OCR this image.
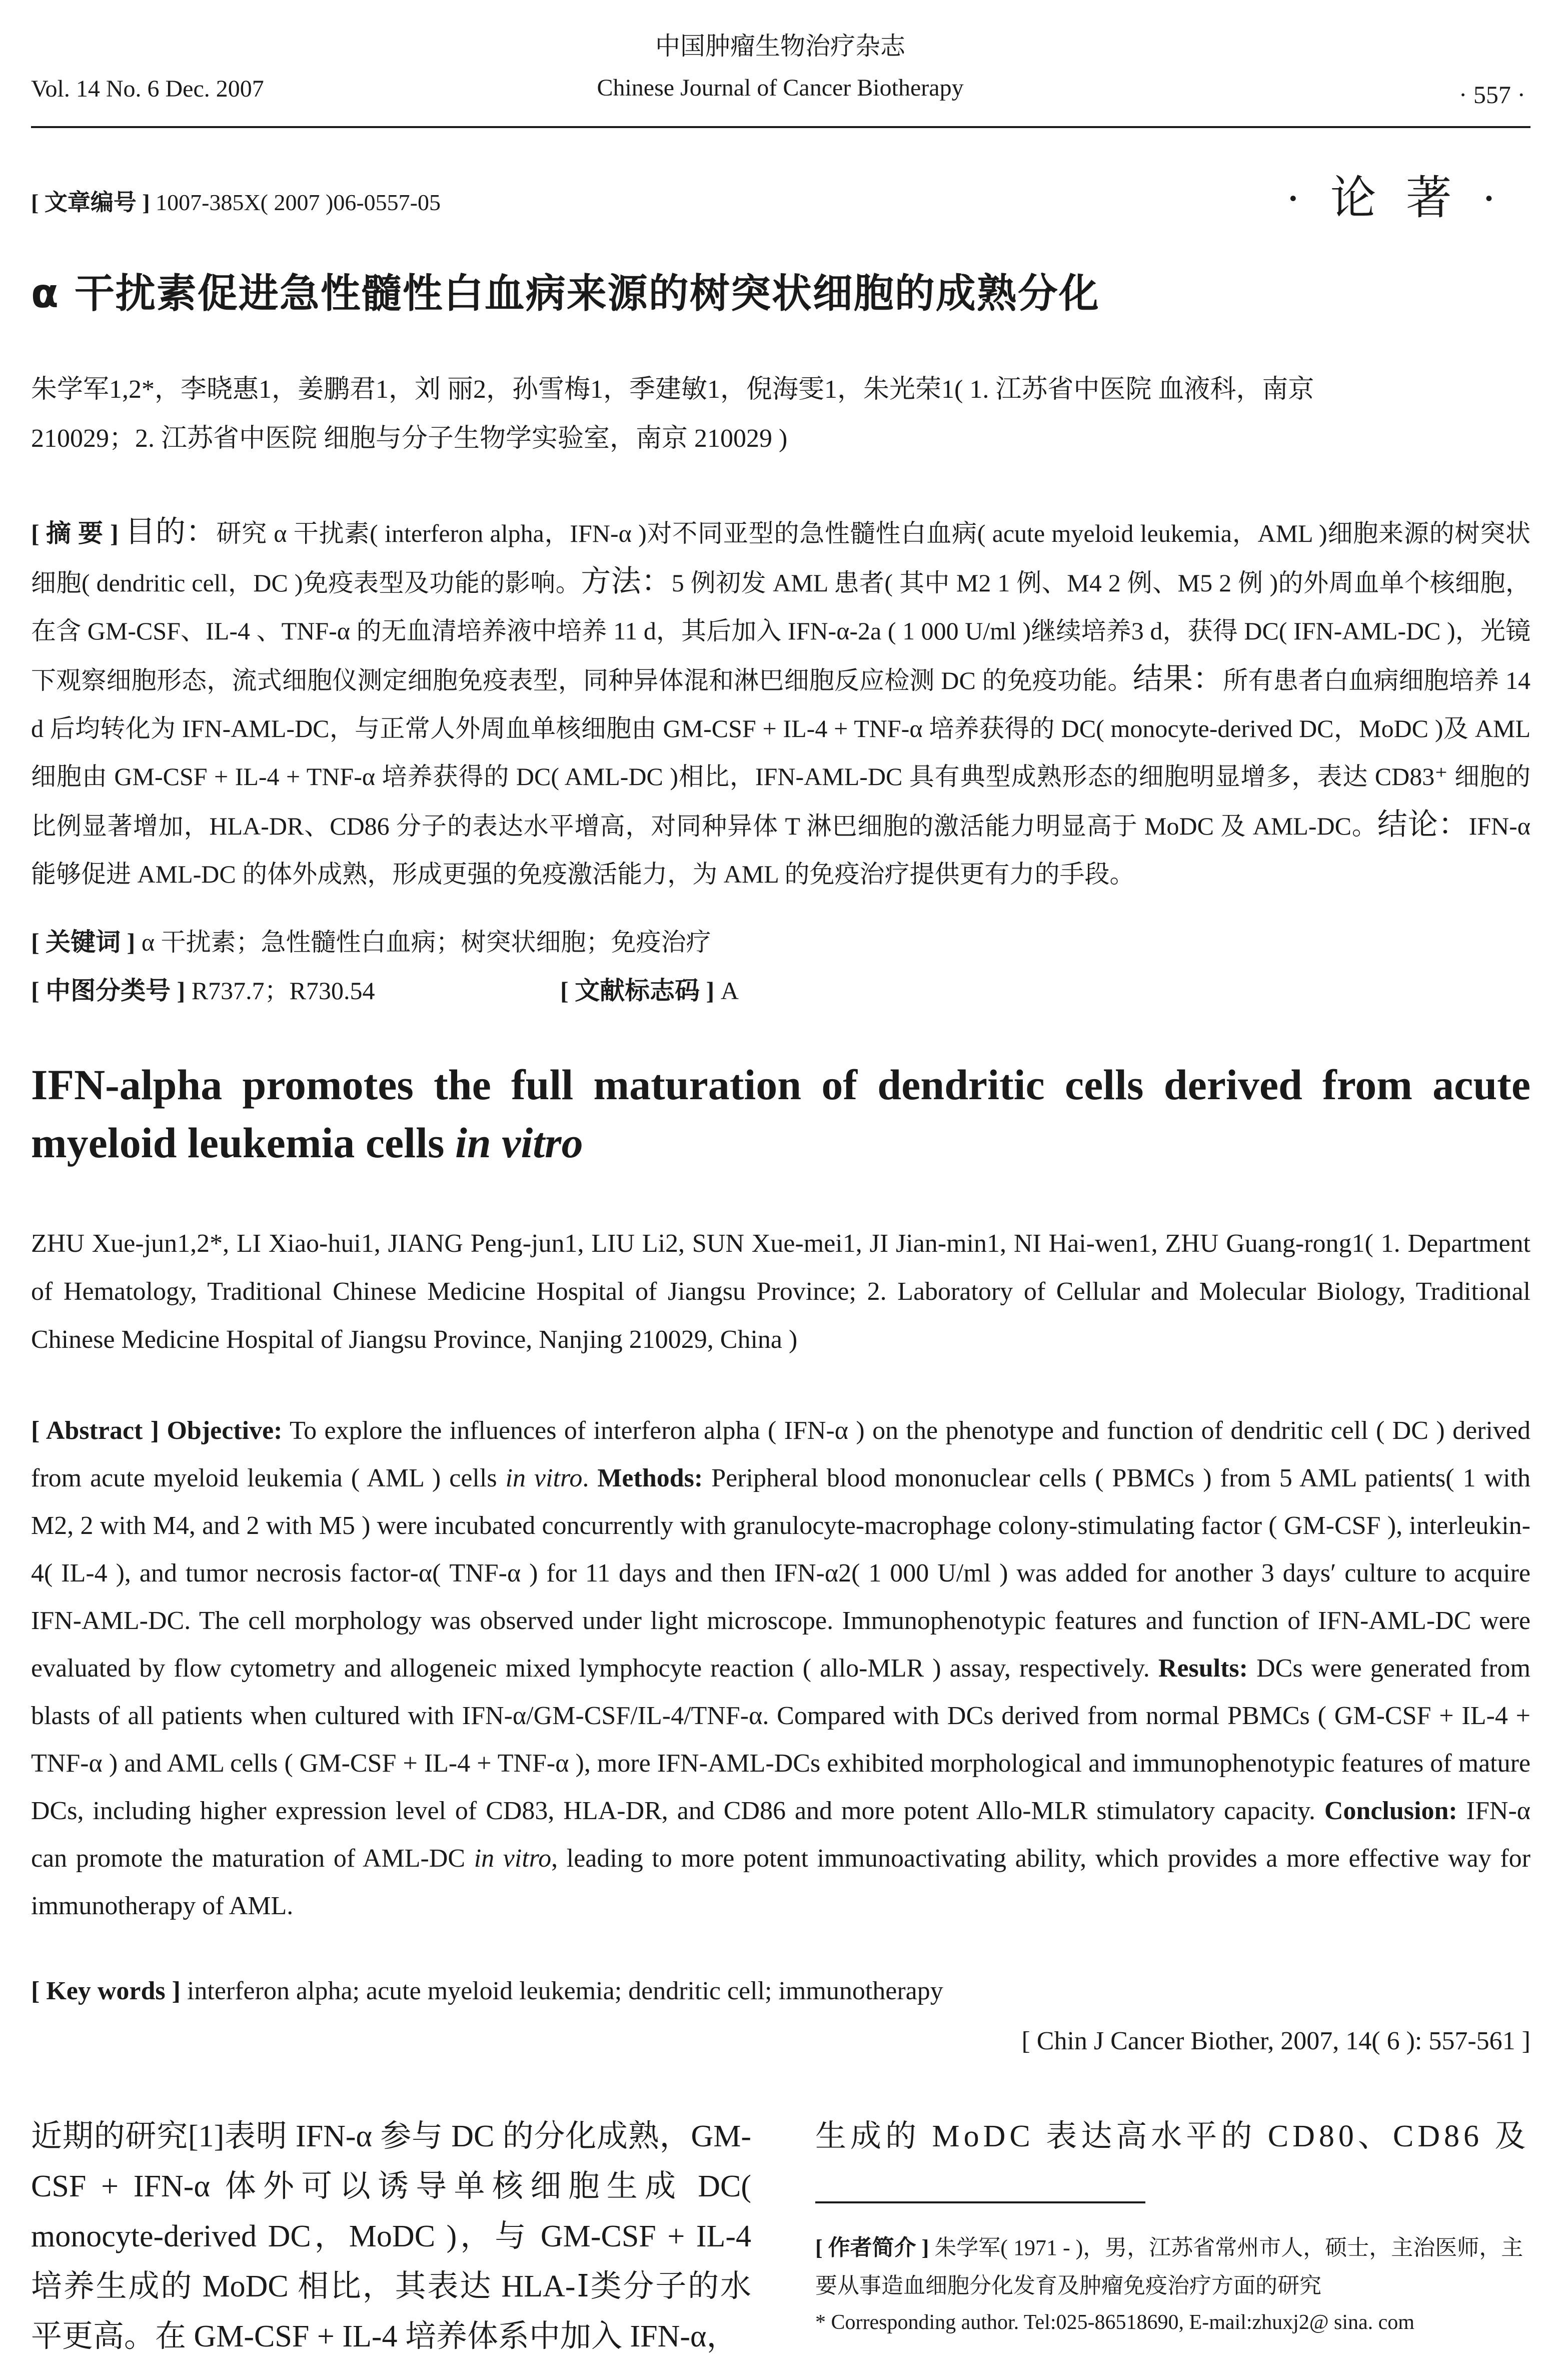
中国肿瘤生物治疗杂志
Vol. 14 No. 6 Dec. 2007	Chinese Journal of Cancer Biotherapy	· 557 ·
[ 文章编号 ] 1007-385X( 2007 )06-0557-05	· 论 著 ·
α 干扰素促进急性髓性白血病来源的树突状细胞的成熟分化
朱学军1,2*，李晓惠1，姜鹏君1，刘 丽2，孙雪梅1，季建敏1，倪海雯1，朱光荣1( 1. 江苏省中医院 血液科，南京
210029；2. 江苏省中医院 细胞与分子生物学实验室，南京 210029 )
[ 摘 要 ] 目的：研究 α 干扰素( interferon alpha，IFN-α )对不同亚型的急性髓性白血病( acute myeloid leukemia，AML )细胞来源的树突状细胞( dendritic cell，DC )免疫表型及功能的影响。方法：5 例初发 AML 患者( 其中 M2 1 例、M4 2 例、M5 2 例 )的外周血单个核细胞，在含 GM-CSF、IL-4 、TNF-α 的无血清培养液中培养 11 d，其后加入 IFN-α-2a ( 1 000 U/ml )继续培养3 d，获得 DC( IFN-AML-DC )，光镜下观察细胞形态，流式细胞仪测定细胞免疫表型，同种异体混和淋巴细胞反应检测 DC 的免疫功能。结果：所有患者白血病细胞培养 14 d 后均转化为 IFN-AML-DC，与正常人外周血单核细胞由 GM-CSF + IL-4 + TNF-α 培养获得的 DC( monocyte-derived DC，MoDC )及 AML 细胞由 GM-CSF + IL-4 + TNF-α 培养获得的 DC( AML-DC )相比，IFN-AML-DC 具有典型成熟形态的细胞明显增多，表达 CD83⁺ 细胞的比例显著增加，HLA-DR、CD86 分子的表达水平增高，对同种异体 T 淋巴细胞的激活能力明显高于 MoDC 及 AML-DC。结论：IFN-α 能够促进 AML-DC 的体外成熟，形成更强的免疫激活能力，为 AML 的免疫治疗提供更有力的手段。
[ 关键词 ] α 干扰素；急性髓性白血病；树突状细胞；免疫治疗
[ 中图分类号 ] R737.7；R730.54	[ 文献标志码 ] A
IFN-alpha promotes the full maturation of dendritic cells derived from acute myeloid leukemia cells in vitro
ZHU Xue-jun1,2*, LI Xiao-hui1, JIANG Peng-jun1, LIU Li2, SUN Xue-mei1, JI Jian-min1, NI Hai-wen1, ZHU Guang-rong1( 1. Department of Hematology, Traditional Chinese Medicine Hospital of Jiangsu Province; 2. Laboratory of Cellular and Molecular Biology, Traditional Chinese Medicine Hospital of Jiangsu Province, Nanjing 210029, China )
[ Abstract ] Objective: To explore the influences of interferon alpha ( IFN-α ) on the phenotype and function of dendritic cell ( DC ) derived from acute myeloid leukemia ( AML ) cells in vitro. Methods: Peripheral blood mononuclear cells ( PBMCs ) from 5 AML patients( 1 with M2, 2 with M4, and 2 with M5 ) were incubated concurrently with granulocyte-macrophage colony-stimulating factor ( GM-CSF ), interleukin-4( IL-4 ), and tumor necrosis factor-α( TNF-α ) for 11 days and then IFN-α2( 1 000 U/ml ) was added for another 3 days′ culture to acquire IFN-AML-DC. The cell morphology was observed under light microscope. Immunophenotypic features and function of IFN-AML-DC were evaluated by flow cytometry and allogeneic mixed lymphocyte reaction ( allo-MLR ) assay, respectively. Results: DCs were generated from blasts of all patients when cultured with IFN-α/GM-CSF/IL-4/TNF-α. Compared with DCs derived from normal PBMCs ( GM-CSF + IL-4 + TNF-α ) and AML cells ( GM-CSF + IL-4 + TNF-α ), more IFN-AML-DCs exhibited morphological and immunophenotypic features of mature DCs, including higher expression level of CD83, HLA-DR, and CD86 and more potent Allo-MLR stimulatory capacity. Conclusion: IFN-α can promote the maturation of AML-DC in vitro, leading to more potent immunoactivating ability, which provides a more effective way for immunotherapy of AML.
[ Key words ] interferon alpha; acute myeloid leukemia; dendritic cell; immunotherapy
[ Chin J Cancer Biother, 2007, 14( 6 ): 557-561 ]
近期的研究[1]表明 IFN-α 参与 DC 的分化成熟，GM-CSF + IFN-α 体外可以诱导单核细胞生成 DC( monocyte-derived DC，MoDC )，与 GM-CSF + IL-4 培养生成的 MoDC 相比，其表达 HLA-Ⅰ类分子的水平更高。在 GM-CSF + IL-4 培养体系中加入 IFN-α，
生成的 MoDC 表达高水平的 CD80、CD86 及
[ 作者简介 ] 朱学军( 1971 - )，男，江苏省常州市人，硕士，主治医师，主要从事造血细胞分化发育及肿瘤免疫治疗方面的研究
* Corresponding author. Tel:025-86518690, E-mail:zhuxj2@ sina. com
